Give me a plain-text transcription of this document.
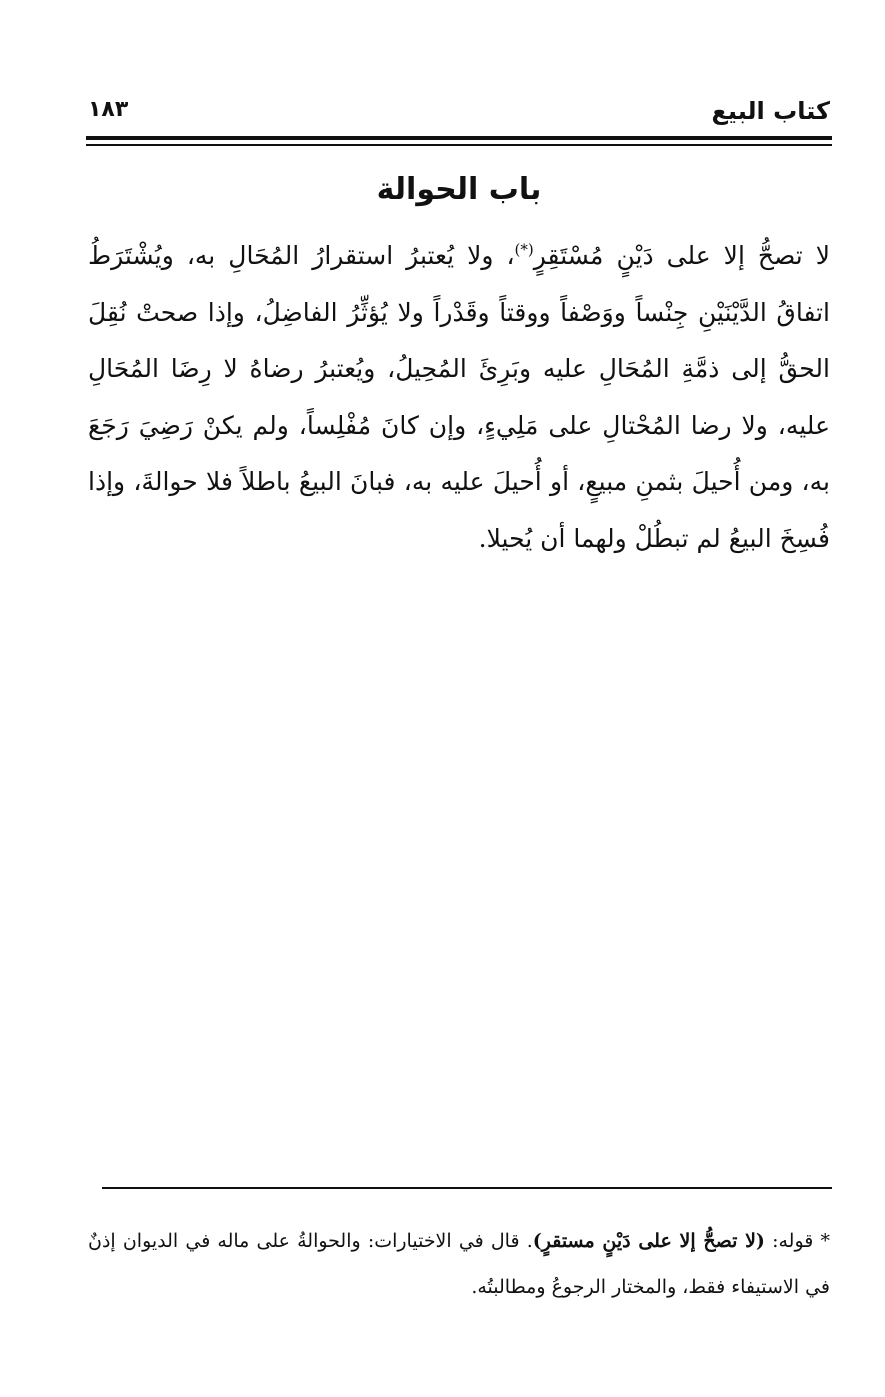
كتاب البيع
١٨٣
باب الحوالة
لا تصحُّ إلا على دَيْنٍ مُسْتَقِرٍ(*)، ولا يُعتبرُ استقرارُ المُحَالِ به، ويُشْتَرَطُ اتفاقُ الدَّيْنَيْنِ جِنْساً ووَصْفاً ووقتاً وقَدْراً ولا يُؤثِّرُ الفاضِلُ، وإذا صحتْ نُقِلَ الحقُّ إلى ذمَّةِ المُحَالِ عليه وبَرِئَ المُحِيلُ، ويُعتبرُ رضاهُ لا رِضَا المُحَالِ عليه، ولا رضا المُحْتالِ على مَلِيءٍ، وإن كانَ مُفْلِساً، ولم يكنْ رَضِيَ رَجَعَ به، ومن أُحيلَ بثمنِ مبيعٍ، أو أُحيلَ عليه به، فبانَ البيعُ باطلاً فلا حوالةَ، وإذا فُسِخَ البيعُ لم تبطُلْ ولهما أن يُحيلا.
* قوله: (لا تصحُّ إلا على دَيْنٍ مستقرٍ). قال في الاختيارات: والحوالةُ على ماله في الديوان إذنٌ في الاستيفاء فقط، والمختار الرجوعُ ومطالبتُه.
